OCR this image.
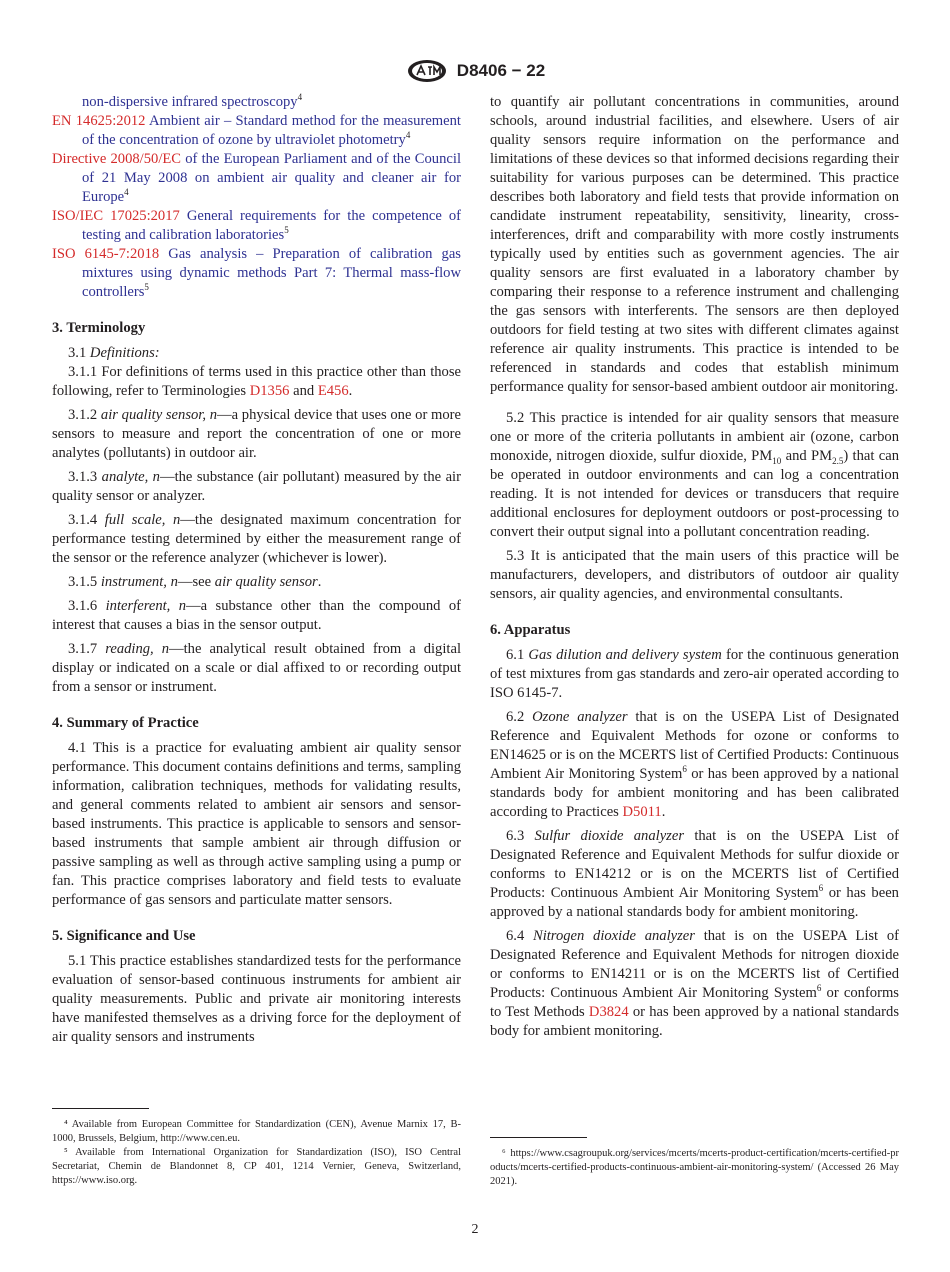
D8406 − 22

non-dispersive infrared spectroscopy$^4$

EN 14625:2012 Ambient air – Standard method for the measurement of the concentration of ozone by ultraviolet photometry$^4$

Directive 2008/50/EC of the European Parliament and of the Council of 21 May 2008 on ambient air quality and cleaner air for Europe$^4$

ISO/IEC 17025:2017 General requirements for the competence of testing and calibration laboratories$^5$

ISO 6145-7:2018 Gas analysis – Preparation of calibration gas mixtures using dynamic methods Part 7: Thermal mass-flow controllers$^5$

3. Terminology

3.1 Definitions:

3.1.1 For definitions of terms used in this practice other than those following, refer to Terminologies D1356 and E456.

3.1.2 air quality sensor, n—a physical device that uses one or more sensors to measure and report the concentration of one or more analytes (pollutants) in outdoor air.

3.1.3 analyte, n—the substance (air pollutant) measured by the air quality sensor or analyzer.

3.1.4 full scale, n—the designated maximum concentration for performance testing determined by either the measurement range of the sensor or the reference analyzer (whichever is lower).

3.1.5 instrument, n—see air quality sensor.

3.1.6 interferent, n—a substance other than the compound of interest that causes a bias in the sensor output.

3.1.7 reading, n—the analytical result obtained from a digital display or indicated on a scale or dial affixed to or recording output from a sensor or instrument.

4. Summary of Practice

4.1 This is a practice for evaluating ambient air quality sensor performance. This document contains definitions and terms, sampling information, calibration techniques, methods for validating results, and general comments related to ambient air sensors and sensor-based instruments. This practice is applicable to sensors and sensor-based instruments that sample ambient air through diffusion or passive sampling as well as through active sampling using a pump or fan. This practice comprises laboratory and field tests to evaluate performance of gas sensors and particulate matter sensors.

5. Significance and Use

5.1 This practice establishes standardized tests for the performance evaluation of sensor-based continuous instruments for ambient air quality measurements. Public and private air monitoring interests have manifested themselves as a driving force for the deployment of air quality sensors and instruments

⁴ Available from European Committee for Standardization (CEN), Avenue Marnix 17, B-1000, Brussels, Belgium, http://www.cen.eu.

⁵ Available from International Organization for Standardization (ISO), ISO Central Secretariat, Chemin de Blandonnet 8, CP 401, 1214 Vernier, Geneva, Switzerland, https://www.iso.org.

to quantify air pollutant concentrations in communities, around schools, around industrial facilities, and elsewhere. Users of air quality sensors require information on the performance and limitations of these devices so that informed decisions regarding their suitability for various purposes can be determined. This practice describes both laboratory and field tests that provide information on candidate instrument repeatability, sensitivity, linearity, cross-interferences, drift and comparability with more costly instruments typically used by entities such as government agencies. The air quality sensors are first evaluated in a laboratory chamber by comparing their response to a reference instrument and challenging the gas sensors with interferents. The sensors are then deployed outdoors for field testing at two sites with different climates against reference air quality instruments. This practice is intended to be referenced in standards and codes that establish minimum performance quality for sensor-based ambient outdoor air monitoring.

5.2 This practice is intended for air quality sensors that measure one or more of the criteria pollutants in ambient air (ozone, carbon monoxide, nitrogen dioxide, sulfur dioxide, $PM_{10}$ and $PM_{2.5}$) that can be operated in outdoor environments and can log a concentration reading. It is not intended for devices or transducers that require additional enclosures for deployment outdoors or post-processing to convert their output signal into a pollutant concentration reading.

5.3 It is anticipated that the main users of this practice will be manufacturers, developers, and distributors of outdoor air quality sensors, air quality agencies, and environmental consultants.

6. Apparatus

6.1 Gas dilution and delivery system for the continuous generation of test mixtures from gas standards and zero-air operated according to ISO 6145-7.

6.2 Ozone analyzer that is on the USEPA List of Designated Reference and Equivalent Methods for ozone or conforms to EN14625 or is on the MCERTS list of Certified Products: Continuous Ambient Air Monitoring System$^6$ or has been approved by a national standards body for ambient monitoring and has been calibrated according to Practices D5011.

6.3 Sulfur dioxide analyzer that is on the USEPA List of Designated Reference and Equivalent Methods for sulfur dioxide or conforms to EN14212 or is on the MCERTS list of Certified Products: Continuous Ambient Air Monitoring System$^6$ or has been approved by a national standards body for ambient monitoring.

6.4 Nitrogen dioxide analyzer that is on the USEPA List of Designated Reference and Equivalent Methods for nitrogen dioxide or conforms to EN14211 or is on the MCERTS list of Certified Products: Continuous Ambient Air Monitoring System$^6$ or conforms to Test Methods D3824 or has been approved by a national standards body for ambient monitoring.

⁶ https://www.csagroupuk.org/services/mcerts/mcerts-product-certification/mcerts-certified-products/mcerts-certified-products-continuous-ambient-air-monitoring-system/ (Accessed 26 May 2021).

2
